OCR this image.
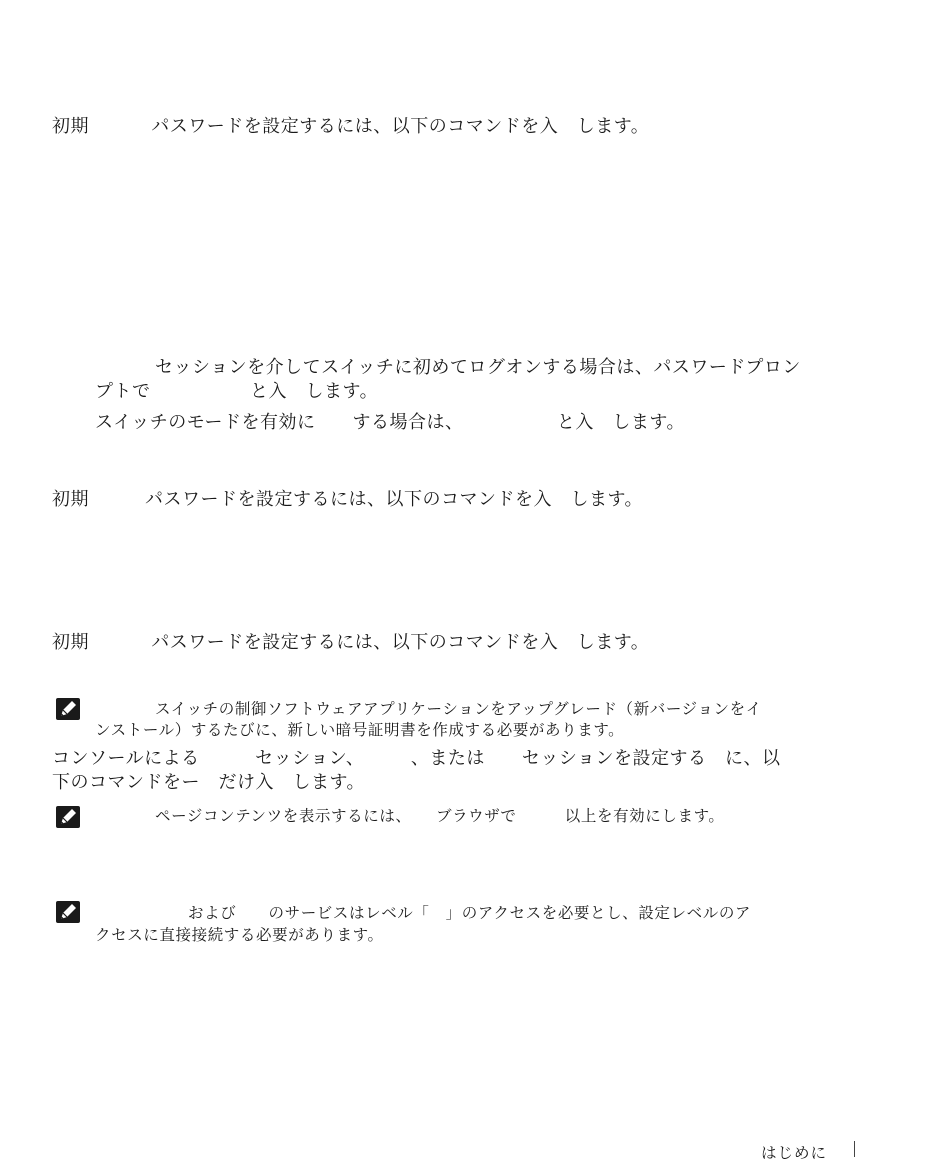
初期          パスワードを設定するには、以下のコマンドを入　します。
セッションを介してスイッチに初めてログオンする場合は、パスワードプロン
プトで                と入　します。
スイッチのモードを有効に　　する場合は、               と入　します。
初期         パスワードを設定するには、以下のコマンドを入　します。
初期          パスワードを設定するには、以下のコマンドを入　します。
スイッチの制御ソフトウェアアプリケーションをアップグレード（新バージョンをイ
ンストール）するたびに、新しい暗号証明書を作成する必要があります。
コンソールによる　　　セッション、　　　、または　　セッションを設定する　に、以
下のコマンドをー　だけ入　します。
ページコンテンツを表示するには、　　ブラウザで　　　以上を有効にします。
および　　のサービスはレベル「　」のアクセスを必要とし、設定レベルのア
クセスに直接接続する必要があります。
はじめに
